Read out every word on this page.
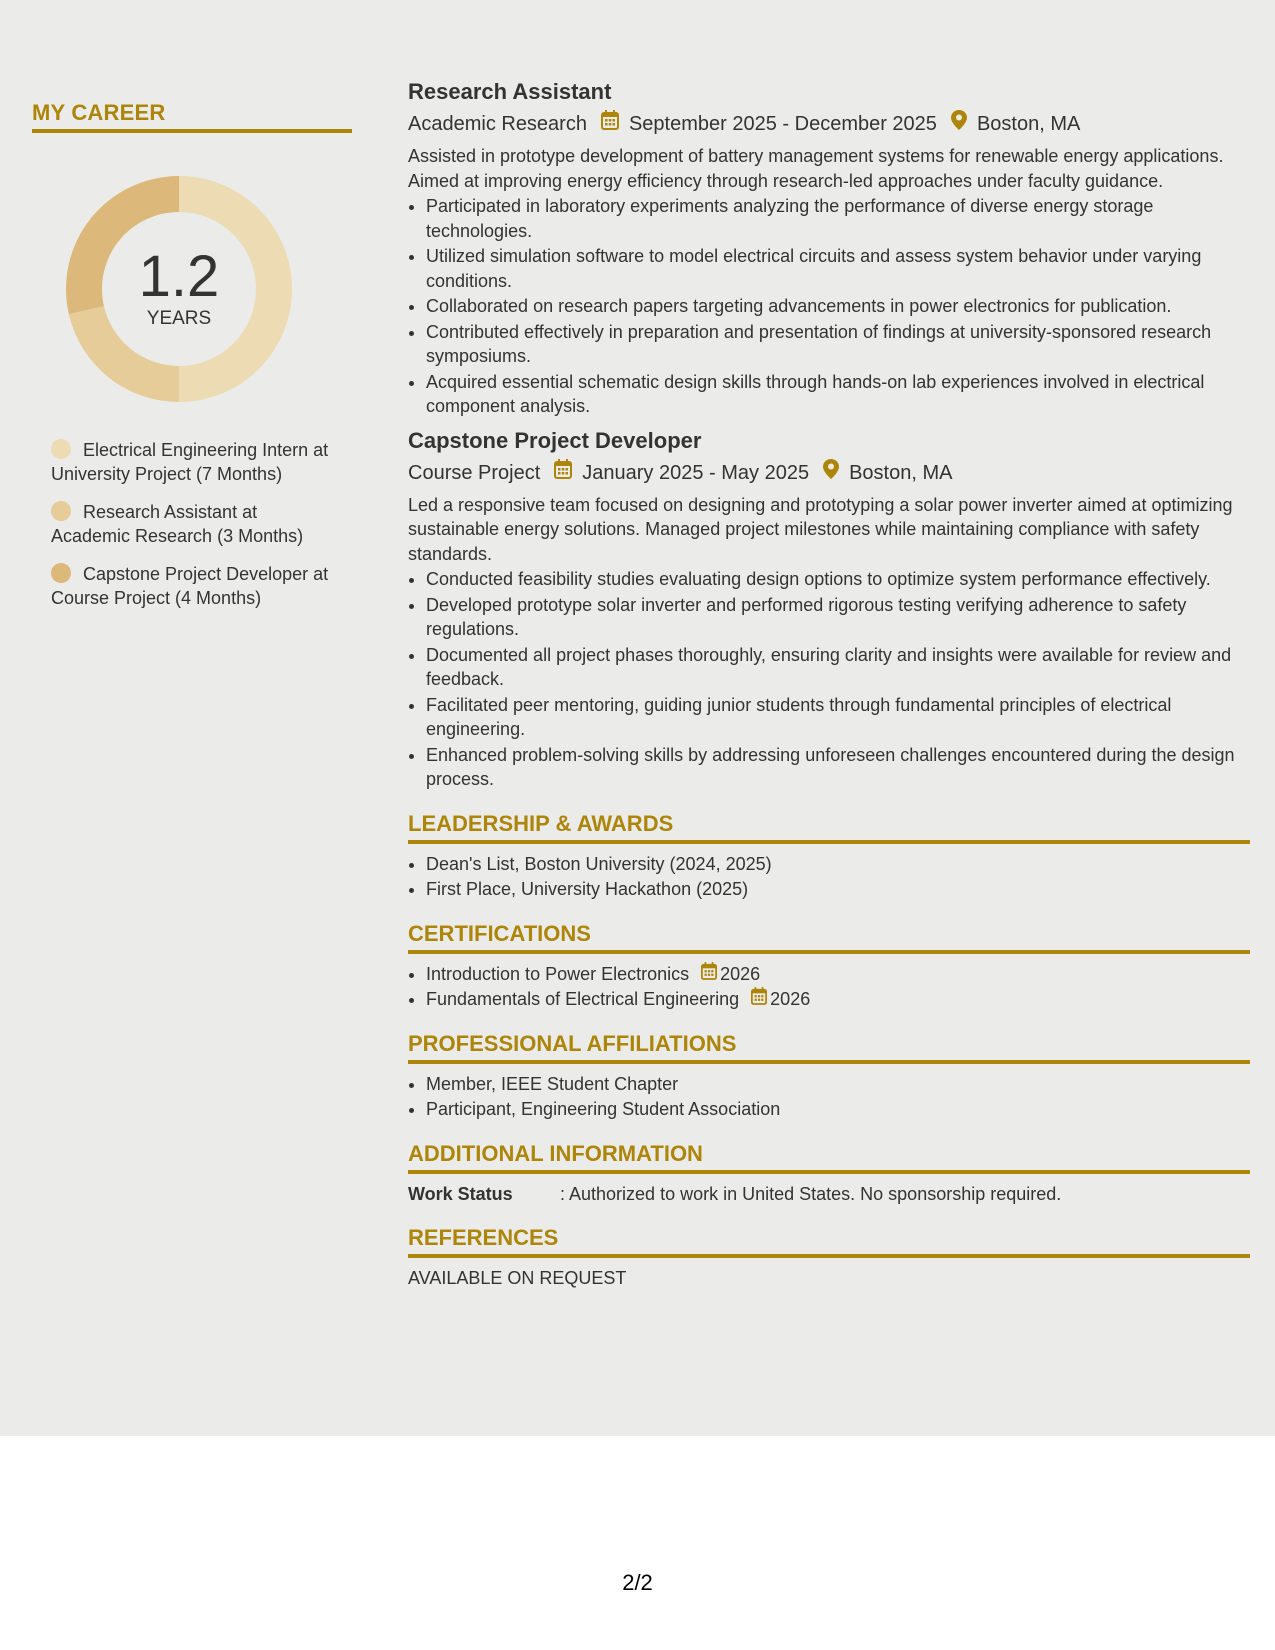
MY CAREER
1.2
YEARS
Electrical Engineering Intern at University Project (7 Months)
Research Assistant at Academic Research (3 Months)
Capstone Project Developer at Course Project (4 Months)
Research Assistant
Academic Research September 2025 - December 2025 Boston, MA
Assisted in prototype development of battery management systems for renewable energy applications. Aimed at improving energy efficiency through research-led approaches under faculty guidance.
• Participated in laboratory experiments analyzing the performance of diverse energy storage technologies.
• Utilized simulation software to model electrical circuits and assess system behavior under varying conditions.
• Collaborated on research papers targeting advancements in power electronics for publication.
• Contributed effectively in preparation and presentation of findings at university-sponsored research symposiums.
• Acquired essential schematic design skills through hands-on lab experiences involved in electrical component analysis.
Capstone Project Developer
Course Project January 2025 - May 2025 Boston, MA
Led a responsive team focused on designing and prototyping a solar power inverter aimed at optimizing sustainable energy solutions. Managed project milestones while maintaining compliance with safety standards.
• Conducted feasibility studies evaluating design options to optimize system performance effectively.
• Developed prototype solar inverter and performed rigorous testing verifying adherence to safety regulations.
• Documented all project phases thoroughly, ensuring clarity and insights were available for review and feedback.
• Facilitated peer mentoring, guiding junior students through fundamental principles of electrical engineering.
• Enhanced problem-solving skills by addressing unforeseen challenges encountered during the design process.
LEADERSHIP & AWARDS
• Dean's List, Boston University (2024, 2025)
• First Place, University Hackathon (2025)
CERTIFICATIONS
• Introduction to Power Electronics 2026
• Fundamentals of Electrical Engineering 2026
PROFESSIONAL AFFILIATIONS
• Member, IEEE Student Chapter
• Participant, Engineering Student Association
ADDITIONAL INFORMATION
Work Status	: Authorized to work in United States. No sponsorship required.
REFERENCES
AVAILABLE ON REQUEST
2/2
